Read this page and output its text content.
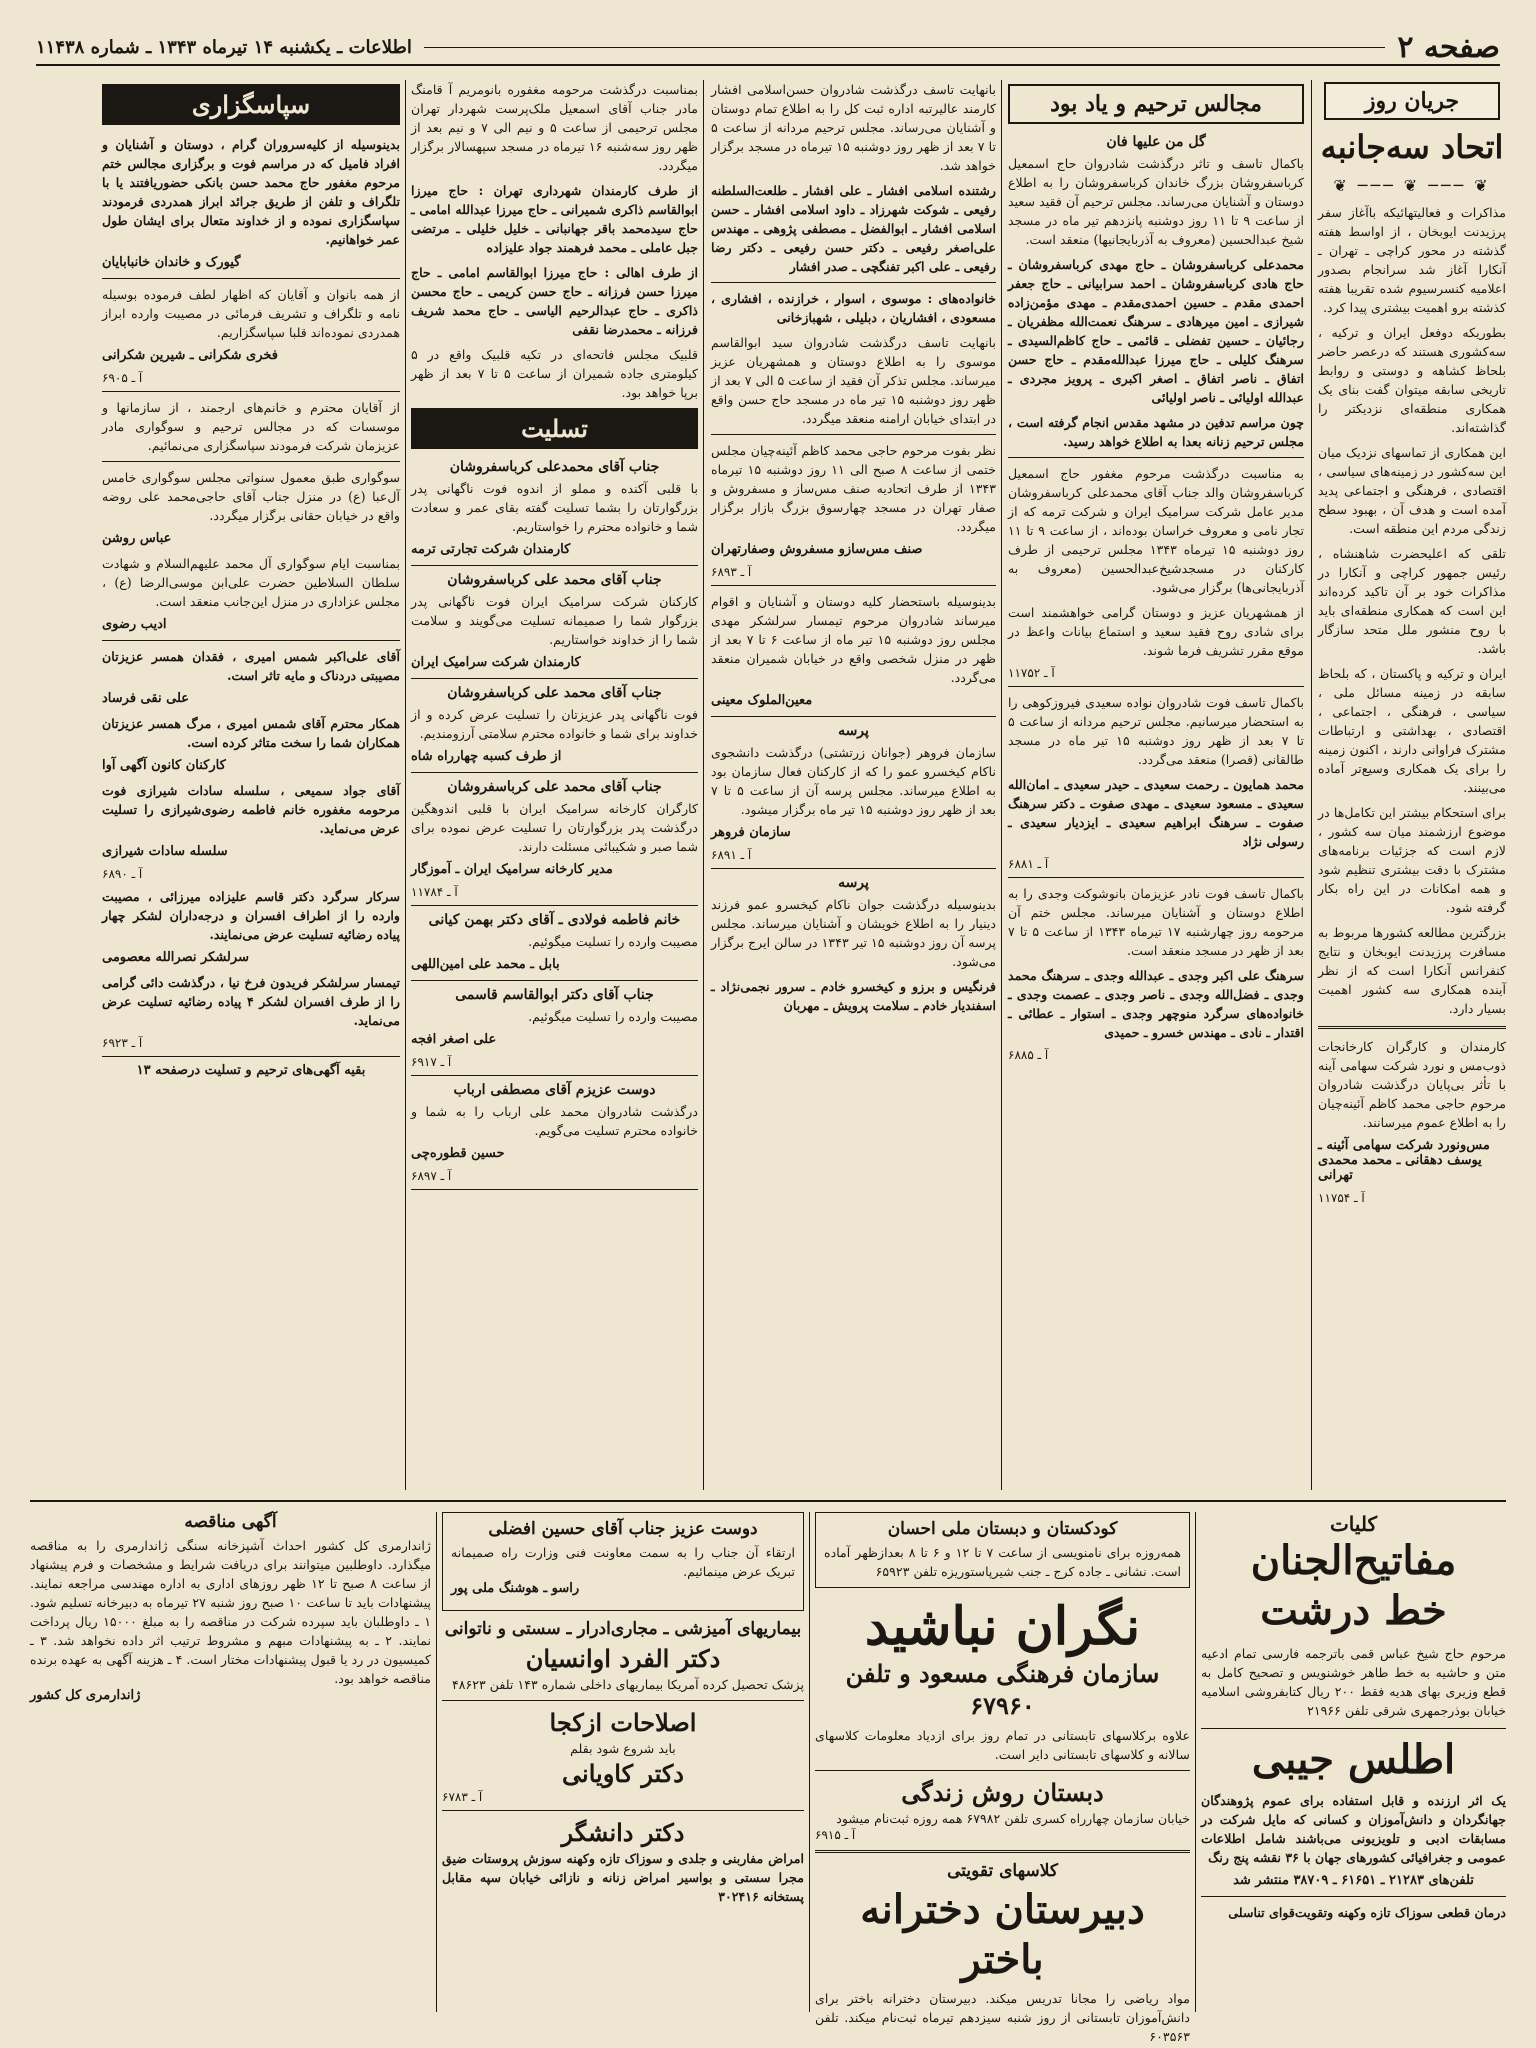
صفحه ۲
اطلاعات ـ یکشنبه ۱۴ تیرماه ۱۳۴۳ ـ شماره ۱۱۴۳۸
جریان روز
اتحاد سه‌جانبه
❦ ─── ❦ ─── ❦

مذاکرات و فعالیتهائیکه باآغاز سفر پرزیدنت ایوبخان ، از اواسط هفته گذشته در محور کراچی ـ تهران ـ آنکارا آغاز شد سرانجام بصدور اعلامیه کنسرسیوم شده تقریبا هفته کذشته برو اهمیت بیشتری پیدا کرد.

بطوریکه دوفعل ایران و ترکیه ، سه‌کشوری هستند که درعصر حاضر بلحاظ کشاهه و دوستی و روابط تاریخی سابقه میتوان گفت بنای یک همکاری منطقه‌ای نزدیکتر را گذاشته‌اند.

این همکاری از تماسهای نزدیک میان این سه‌کشور در زمینه‌های سیاسی ، اقتصادی ، فرهنگی و اجتماعی پدید آمده است و هدف آن ، بهبود سطح زندگی مردم این منطقه است.

تلقی که اعلیحضرت شاهنشاه ، رئیس جمهور کراچی و آنکارا در مذاکرات خود بر آن تاکید کرده‌اند این است که همکاری منطقه‌ای باید با روح منشور ملل متحد سازگار باشد.

ایران و ترکیه و پاکستان ، که بلحاظ سابقه در زمینه مسائل ملی ، سیاسی ، فرهنگی ، اجتماعی ، اقتصادی ، بهداشتی و ارتباطات مشترک فراوانی دارند ، اکنون زمینه را برای یک همکاری وسیع‌تر آماده می‌بینند.

برای استحکام بیشتر این تکامل‌ها در موضوع ارزشمند میان سه کشور ، لازم است که جزئیات برنامه‌های مشترک با دقت بیشتری تنظیم شود و همه امکانات در این راه بکار گرفته شود.

بزرگترین مطالعه کشورها مربوط به مسافرت پرزیدنت ایوبخان و نتایج کنفرانس آنکارا است که از نظر آینده همکاری سه کشور اهمیت بسیار دارد.

کارمندان و کارگران کارخانجات ذوب‌مس و نورد شرکت سهامی آینه با تأثر بی‌پایان درگذشت شادروان مرحوم حاجی محمد کاظم آئینه‌چیان را به اطلاع عموم میرسانند.

مس‌ونورد شرکت سهامی آئینه ـ یوسف دهقانی ـ محمد محمدی تهرانی
آ ـ ۱۱۷۵۴
مجالس ترحیم و یاد بود
گل من علیها فان

باکمال تاسف و تاثر درگذشت شادروان حاج اسمعیل کرباسفروشان بزرگ خاندان کرباسفروشان را به اطلاع دوستان و آشنایان می‌رساند. مجلس ترحیم آن فقید سعید از ساعت ۹ تا ۱۱ روز دوشنبه پانزدهم تیر ماه در مسجد شیخ عبدالحسین (معروف به آذربایجانیها) منعقد است.

محمدعلی کرباسفروشان ـ حاج مهدی کرباسفروشان ـ حاج هادی کرباسفروشان ـ احمد سرابیانی ـ حاج جعفر احمدی مقدم ـ حسین احمدی‌مقدم ـ مهدی مؤمن‌زاده شیرازی ـ امین میرهادی ـ سرهنگ نعمت‌الله مظفریان ـ رجائیان ـ حسین تفضلی ـ قائمی ـ حاج کاظم‌السیدی ـ سرهنگ کلیلی ـ حاج میرزا عبدالله‌مقدم ـ حاج حسن اتفاق ـ ناصر اتفاق ـ اصغر اکبری ـ پرویز مجردی ـ عبدالله اولیائی ـ ناصر اولیائی

چون مراسم تدفین در مشهد مقدس انجام گرفته است ، مجلس ترحیم زنانه بعدا به اطلاع خواهد رسید.

به مناسبت درگذشت مرحوم مغفور حاج اسمعیل کرباسفروشان والد جناب آقای محمدعلی کرباسفروشان مدیر عامل شرکت سرامیک ایران و شرکت ترمه که از تجار نامی و معروف خراسان بوده‌اند ، از ساعت ۹ تا ۱۱ روز دوشنبه ۱۵ تیرماه ۱۳۴۳ مجلس ترحیمی از طرف کارکنان در مسجدشیخ‌عبدالحسین (معروف به آذربایجانی‌ها) برگزار می‌شود.

از همشهریان عزیز و دوستان گرامی خواهشمند است برای شادی روح فقید سعید و استماع بیانات واعظ در موقع مقرر تشریف فرما شوند.

آ ـ ۱۱۷۵۲

باکمال تاسف فوت شادروان نواده سعیدی فیروزکوهی را به استحضار میرسانیم. مجلس ترحیم مردانه از ساعت ۵ تا ۷ بعد از ظهر روز دوشنبه ۱۵ تیر ماه در مسجد طالقانی (قصرا) منعقد می‌گردد.

محمد همایون ـ رحمت سعیدی ـ حیدر سعیدی ـ امان‌الله سعیدی ـ مسعود سعیدی ـ مهدی صفوت ـ دکتر سرهنگ صفوت ـ سرهنگ ابراهیم سعیدی ـ ایزدیار سعیدی ـ رسولی نژاد

آ ـ ۶۸۸۱

باکمال تاسف فوت نادر عزیزمان بانوشوکت وجدی را به اطلاع دوستان و آشنایان میرساند. مجلس ختم آن مرحومه روز چهارشنبه ۱۷ تیرماه ۱۳۴۳ از ساعت ۵ تا ۷ بعد از ظهر در مسجد منعقد است.

سرهنگ علی اکبر وجدی ـ عبدالله وجدی ـ سرهنگ محمد وجدی ـ فضل‌الله وجدی ـ ناصر وجدی ـ عصمت وجدی ـ خانواده‌های سرگرد منوچهر وجدی ـ استوار ـ عطائی ـ اقتدار ـ نادی ـ مهندس خسرو ـ حمیدی

آ ـ ۶۸۸۵

بانهایت تاسف درگذشت شادروان حسن‌اسلامی افشار کارمند عالیرتبه اداره ثبت کل را به اطلاع تمام دوستان و آشنایان می‌رساند. مجلس ترحیم مردانه از ساعت ۵ تا ۷ بعد از ظهر روز دوشنبه ۱۵ تیرماه در مسجد برگزار خواهد شد.

رشتنده اسلامی افشار ـ علی افشار ـ طلعت‌السلطنه رفیعی ـ شوکت شهرزاد ـ داود اسلامی افشار ـ حسن اسلامی افشار ـ ابوالفضل ـ مصطفی پژوهی ـ مهندس علی‌اصغر رفیعی ـ دکتر حسن رفیعی ـ دکتر رضا رفیعی ـ علی اکبر تفنگچی ـ صدر افشار

خانواده‌های : موسوی ، اسوار ، خرازنده ، افشاری ، مسعودی ، افشاریان ، دبلیلی ، شهبازخانی

بانهایت تاسف درگذشت شادروان سید ابوالقاسم موسوی را به اطلاع دوستان و همشهریان عزیز میرساند. مجلس تذکر آن فقید از ساعت ۵ الی ۷ بعد از ظهر روز دوشنبه ۱۵ تیر ماه در مسجد حاج حسن واقع در ابتدای خیابان ارامنه منعقد میگردد.

نظر بفوت مرحوم حاجی محمد کاظم آئینه‌چیان مجلس ختمی از ساعت ۸ صبح الی ۱۱ روز دوشنبه ۱۵ تیرماه ۱۳۴۳ از طرف اتحادیه صنف مس‌ساز و مسفروش و صفار تهران در مسجد چهارسوق بزرگ بازار برگزار میگردد.

صنف مس‌سازو مسفروش وصفارتهران
آ ـ ۶۸۹۳

بدینوسیله باستحضار کلیه دوستان و آشنایان و اقوام میرساند شادروان مرحوم تیمسار سرلشکر مهدی مجلس روز دوشنبه ۱۵ تیر ماه از ساعت ۶ تا ۷ بعد از ظهر در منزل شخصی واقع در خیابان شمیران منعقد می‌گردد.

معین‌الملوک معینی
پرسه

سازمان فروهر (جوانان زرتشتی) درگذشت دانشجوی ناکام کیخسرو عمو را که از کارکنان فعال سازمان بود به اطلاع میرساند. مجلس پرسه آن از ساعت ۵ تا ۷ بعد از ظهر روز دوشنبه ۱۵ تیر ماه برگزار میشود.

سازمان فروهر
آ ـ ۶۸۹۱
پرسه

بدینوسیله درگذشت جوان ناکام کیخسرو عمو فرزند دینیار را به اطلاع خویشان و آشنایان میرساند. مجلس پرسه آن روز دوشنبه ۱۵ تیر ۱۳۴۳ در سالن ایرج برگزار می‌شود.

فرنگیس و برزو و کیخسرو خادم ـ سرور نجمی‌نژاد ـ اسفندیار خادم ـ سلامت پرویش ـ مهربان

بمناسبت درگذشت مرحومه مغفوره بانومریم آ قامنگ مادر جناب آقای اسمعیل ملک‌پرست شهردار تهران مجلس ترحیمی از ساعت ۵ و نیم الی ۷ و نیم بعد از ظهر روز سه‌شنبه ۱۶ تیرماه در مسجد سپهسالار برگزار میگردد.

از طرف کارمندان شهرداری تهران : حاج میرزا ابوالقاسم ذاکری شمیرانی ـ حاج میرزا عبدالله امامی ـ حاج سیدمحمد باقر جهانبانی ـ خلیل خلیلی ـ مرتضی جبل عاملی ـ محمد فرهمند جواد علیزاده

از طرف اهالی : حاج میرزا ابوالقاسم امامی ـ حاج میرزا حسن فرزانه ـ حاج حسن کریمی ـ حاج محسن ذاکری ـ حاج عبدالرحیم الیاسی ـ حاج محمد شریف فرزانه ـ محمدرضا نقفی

قلبیک مجلس فاتحه‌ای در تکیه قلبیک واقع در ۵ کیلومتری جاده شمیران از ساعت ۵ تا ۷ بعد از ظهر برپا خواهد بود.

تسلیت
جناب آقای محمدعلی کرباسفروشان

با قلبی آکنده و مملو از اندوه فوت ناگهانی پدر بزرگوارتان را بشما تسلیت گفته بقای عمر و سعادت شما و خانواده محترم را خواستاریم.

کارمندان شرکت تجارتی ترمه
جناب آقای محمد علی کرباسفروشان

کارکنان شرکت سرامیک ایران فوت ناگهانی پدر بزرگوار شما را صمیمانه تسلیت می‌گویند و سلامت شما را از خداوند خواستاریم.

کارمندان شرکت سرامیک ایران
جناب آقای محمد علی کرباسفروشان

فوت ناگهانی پدر عزیزتان را تسلیت عرض کرده و از خداوند برای شما و خانواده محترم سلامتی آرزومندیم.

از طرف کسبه چهارراه شاه
جناب آقای محمد علی کرباسفروشان

کارگران کارخانه سرامیک ایران با قلبی اندوهگین درگذشت پدر بزرگوارتان را تسلیت عرض نموده برای شما صبر و شکیبائی مسئلت دارند.

مدیر کارخانه سرامیک ایران ـ آموزگار
آ ـ ۱۱۷۸۴
خانم فاطمه فولادی ـ آقای دکتر بهمن کیانی

مصیبت وارده را تسلیت میگوئیم.

بابل ـ محمد علی امین‌اللهی
جناب آقای دکتر ابوالقاسم قاسمی

مصیبت وارده را تسلیت میگوئیم.

علی اصغر افجه
آ ـ ۶۹۱۷
دوست عزیزم آقای مصطفی ارباب

درگذشت شادروان محمد علی ارباب را به شما و خانواده محترم تسلیت می‌گویم.

حسین قطوره‌چی
آ ـ ۶۸۹۷
سپاسگزاری

بدینوسیله از کلیه‌سروران گرام ، دوستان و آشنایان و افراد فامیل که در مراسم فوت و برگزاری مجالس ختم مرحوم مغفور حاج محمد حسن بانکی حضوریافتند یا با تلگراف و تلفن از طریق جرائد ابراز همدردی فرمودند سپاسگزاری نموده و از خداوند متعال برای ایشان طول عمر خواهانیم.

گیورک و خاندان خانبابایان

از همه بانوان و آقایان که اظهار لطف فرموده بوسیله نامه و تلگراف و تشریف فرمائی در مصیبت وارده ابراز همدردی نموده‌اند قلبا سپاسگزاریم.

فخری شکرانی ـ شیرین شکرانی
آ ـ ۶۹۰۵

از آقایان محترم و خانم‌های ارجمند ، از سازمانها و موسسات که در مجالس ترحیم و سوگواری مادر عزیزمان شرکت فرمودند سپاسگزاری می‌نمائیم.

سوگواری طبق معمول سنواتی مجلس سوگواری خامس آل‌عبا (ع) در منزل جناب آقای حاجی‌محمد علی روضه واقع در خیابان حقانی برگزار میگردد.

عباس روشن

بمناسبت ایام سوگواری آل محمد علیهم‌السلام و شهادت سلطان السلاطین حضرت علی‌ابن موسی‌الرضا (ع) ، مجلس عزاداری در منزل این‌جانب منعقد است.

ادیب رضوی

آقای علی‌اکبر شمس امیری ، فقدان همسر عزیزتان مصیبتی دردناک و مایه تاثر است.

علی نقی فرساد

همکار محترم آقای شمس امیری ، مرگ همسر عزیزتان همکاران شما را سخت متاثر کرده است.

کارکنان کانون آگهی آوا

آقای جواد سمیعی ، سلسله سادات شیرازی فوت مرحومه مغفوره خانم فاطمه رضوی‌شیرازی را تسلیت عرض می‌نماید.

سلسله سادات شیرازی
آ ـ ۶۸۹۰

سرکار سرگرد دکتر قاسم علیزاده میرزائی ، مصیبت وارده را از اطراف افسران و درجه‌داران لشکر چهار پیاده رضائیه تسلیت عرض می‌نمایند.

سرلشکر نصرالله معصومی

تیمسار سرلشکر فریدون فرخ نیا ، درگذشت دائی گرامی را از طرف افسران لشکر ۴ پیاده رضائیه تسلیت عرض می‌نماید.

آ ـ ۶۹۲۳
بقیه آگهی‌های ترحیم و تسلیت درصفحه ۱۳
کلیات
مفاتیح‌الجنان
خط درشت

مرحوم حاج شیخ عباس قمی باترجمه فارسی تمام ادعیه متن و حاشیه به خط طاهر خوشنویس و تصحیح کامل به قطع وزیری بهای هدیه فقط ۲۰۰ ریال کتابفروشی اسلامیه خیابان بوذرجمهری شرقی تلفن ۲۱۹۶۶

اطلس جیبی

یک اثر ارزنده و قابل استفاده برای عموم پژوهندگان جهانگردان و دانش‌آموزان و کسانی که مایل شرکت در مسابقات ادبی و تلویزیونی می‌باشند شامل اطلاعات عمومی و جغرافیائی کشورهای جهان با ۳۶ نقشه پنج رنگ

تلفن‌های ۲۱۲۸۳ ـ ۶۱۶۵۱ ـ ۳۸۷۰۹ منتشر شد
درمان قطعی سوزاک تازه وکهنه وتقویت‌قوای تناسلی
کودکستان و دبستان ملی احسان

همه‌روزه برای نامنویسی از ساعت ۷ تا ۱۲ و ۶ تا ۸ بعدازظهر آماده است. نشانی ـ جاده کرج ـ جنب شیرپاستوریزه تلفن ۶۵۹۲۳

نگران نباشید
سازمان فرهنگی مسعود و تلفن ۶۷۹۶۰

علاوه برکلاسهای تابستانی در تمام روز برای ازدیاد معلومات کلاسهای سالانه و کلاسهای تابستانی دایر است.

دبستان روش زندگی

خیابان سازمان چهارراه کسری تلفن ۶۷۹۸۲ همه روزه ثبت‌نام میشود

آ ـ ۶۹۱۵
کلاسهای تقویتی
دبیرستان دخترانه باختر

مواد ریاضی را مجانا تدریس میکند. دبیرستان دخترانه باختر برای دانش‌آموزان تابستانی از روز شنبه سیزدهم تیرماه ثبت‌نام میکند. تلفن ۶۰۳۵۶۳

دوست عزیز جناب آقای حسین افضلی

ارتقاء آن جناب را به سمت معاونت فنی وزارت راه صمیمانه تبریک عرض مینمائیم.

راسو ـ هوشنگ ملی پور
بیماریهای آمیزشی ـ مجاری‌ادرار ـ سستی و ناتوانی
دکتر الفرد اوانسیان

پزشک تحصیل کرده آمریکا بیماریهای داخلی شماره ۱۴۳ تلفن ۴۸۶۲۳

اصلاحات ازکجا
باید شروع شود بقلم
دکتر کاویانی
آ ـ ۶۷۸۳
دکتر دانشگر

امراض مفاربنی و جلدی و سوزاک تازه وکهنه سوزش پروستات ضیق مجرا سستی و بواسیر امراض زنانه و نازائی خیابان سپه مقابل پستخانه ۳۰۲۴۱۶

آگهی مناقصه

ژاندارمری کل کشور احداث آشپزخانه سنگی ژاندارمری را به مناقصه میگذارد. داوطلبین میتوانند برای دریافت شرایط و مشخصات و فرم پیشنهاد از ساعت ۸ صبح تا ۱۲ ظهر روزهای اداری به اداره مهندسی مراجعه نمایند. پیشنهادات باید تا ساعت ۱۰ صبح روز شنبه ۲۷ تیرماه به دبیرخانه تسلیم شود. ۱ ـ داوطلبان باید سپرده شرکت در مناقصه را به مبلغ ۱۵۰۰۰ ریال پرداخت نمایند. ۲ ـ به پیشنهادات مبهم و مشروط ترتیب اثر داده نخواهد شد. ۳ ـ کمیسیون در رد یا قبول پیشنهادات مختار است. ۴ ـ هزینه آگهی به عهده برنده مناقصه خواهد بود.

ژاندارمری کل کشور
